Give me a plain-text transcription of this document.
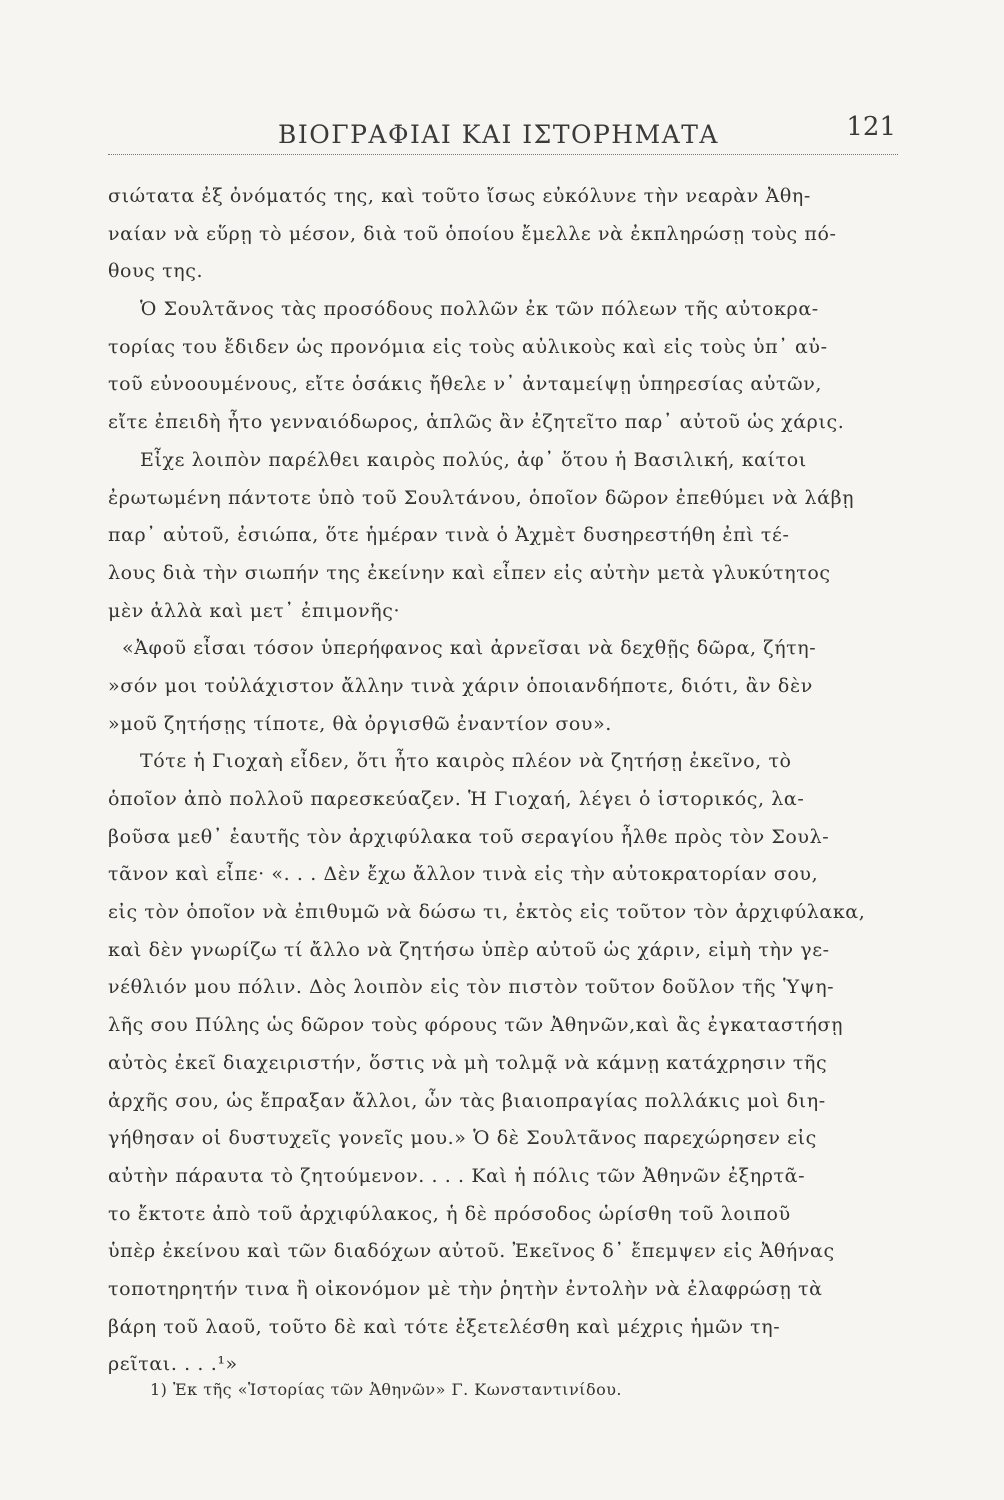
ΒΙΟΓΡΑΦΙΑΙ ΚΑΙ ΙΣΤΟΡΗΜΑΤΑ	121
σιώτατα ἐξ ὀνόματός της, καὶ τοῦτο ἴσως εὐκόλυνε τὴν νεαρὰν Ἀθη-
ναίαν νὰ εὕρῃ τὸ μέσον, διὰ τοῦ ὁποίου ἔμελλε νὰ ἐκπληρώσῃ τοὺς πό-
θους της.
Ὁ Σουλτᾶνος τὰς προσόδους πολλῶν ἐκ τῶν πόλεων τῆς αὐτοκρα-
τορίας του ἔδιδεν ὡς προνόμια εἰς τοὺς αὐλικοὺς καὶ εἰς τοὺς ὑπ᾽ αὐ-
τοῦ εὐνοουμένους, εἴτε ὁσάκις ἤθελε ν᾽ ἀνταμείψῃ ὑπηρεσίας αὐτῶν,
εἴτε ἐπειδὴ ἦτο γενναιόδωρος, ἁπλῶς ἂν ἐζητεῖτο παρ᾽ αὐτοῦ ὡς χάρις.
Εἶχε λοιπὸν παρέλθει καιρὸς πολύς, ἀφ᾽ ὅτου ἡ Βασιλική, καίτοι
ἐρωτωμένη πάντοτε ὑπὸ τοῦ Σουλτάνου, ὁποῖον δῶρον ἐπεθύμει νὰ λάβῃ
παρ᾽ αὐτοῦ, ἐσιώπα, ὅτε ἡμέραν τινὰ ὁ Ἀχμὲτ δυσηρεστήθη ἐπὶ τέ-
λους διὰ τὴν σιωπήν της ἐκείνην καὶ εἶπεν εἰς αὐτὴν μετὰ γλυκύτητος
μὲν ἀλλὰ καὶ μετ᾽ ἐπιμονῆς·
«Ἀφοῦ εἶσαι τόσον ὑπερήφανος καὶ ἀρνεῖσαι νὰ δεχθῇς δῶρα, ζήτη-
»σόν μοι τοὐλάχιστον ἄλλην τινὰ χάριν ὁποιανδήποτε, διότι, ἂν δὲν
»μοῦ ζητήσῃς τίποτε, θὰ ὀργισθῶ ἐναντίον σου».
Τότε ἡ Γιοχαὴ εἶδεν, ὅτι ἦτο καιρὸς πλέον νὰ ζητήσῃ ἐκεῖνο, τὸ
ὁποῖον ἀπὸ πολλοῦ παρεσκεύαζεν. Ἡ Γιοχαή, λέγει ὁ ἱστορικός, λα-
βοῦσα μεθ᾽ ἑαυτῆς τὸν ἀρχιφύλακα τοῦ σεραγίου ἦλθε πρὸς τὸν Σουλ-
τᾶνον καὶ εἶπε· «. . . Δὲν ἔχω ἄλλον τινὰ εἰς τὴν αὐτοκρατορίαν σου,
εἰς τὸν ὁποῖον νὰ ἐπιθυμῶ νὰ δώσω τι, ἐκτὸς εἰς τοῦτον τὸν ἀρχιφύλακα,
καὶ δὲν γνωρίζω τί ἄλλο νὰ ζητήσω ὑπὲρ αὐτοῦ ὡς χάριν, εἰμὴ τὴν γε-
νέθλιόν μου πόλιν. Δὸς λοιπὸν εἰς τὸν πιστὸν τοῦτον δοῦλον τῆς Ὑψη-
λῆς σου Πύλης ὡς δῶρον τοὺς φόρους τῶν Ἀθηνῶν,καὶ ἂς ἐγκαταστήσῃ
αὐτὸς ἐκεῖ διαχειριστήν, ὅστις νὰ μὴ τολμᾷ νὰ κάμνῃ κατάχρησιν τῆς
ἀρχῆς σου, ὡς ἔπραξαν ἄλλοι, ὧν τὰς βιαιοπραγίας πολλάκις μοὶ διη-
γήθησαν οἱ δυστυχεῖς γονεῖς μου.» Ὁ δὲ Σουλτᾶνος παρεχώρησεν εἰς
αὐτὴν πάραυτα τὸ ζητούμενον. . . . Καὶ ἡ πόλις τῶν Ἀθηνῶν ἐξηρτᾶ-
το ἔκτοτε ἀπὸ τοῦ ἀρχιφύλακος, ἡ δὲ πρόσοδος ὡρίσθη τοῦ λοιποῦ
ὑπὲρ ἐκείνου καὶ τῶν διαδόχων αὐτοῦ. Ἐκεῖνος δ᾽ ἔπεμψεν εἰς Ἀθήνας
τοποτηρητήν τινα ἢ οἰκονόμον μὲ τὴν ῥητὴν ἐντολὴν νὰ ἐλαφρώσῃ τὰ
βάρη τοῦ λαοῦ, τοῦτο δὲ καὶ τότε ἐξετελέσθη καὶ μέχρις ἡμῶν τη-
ρεῖται. . . .¹»
1) Ἐκ τῆς «Ἱστορίας τῶν Ἀθηνῶν» Γ. Κωνσταντινίδου.
